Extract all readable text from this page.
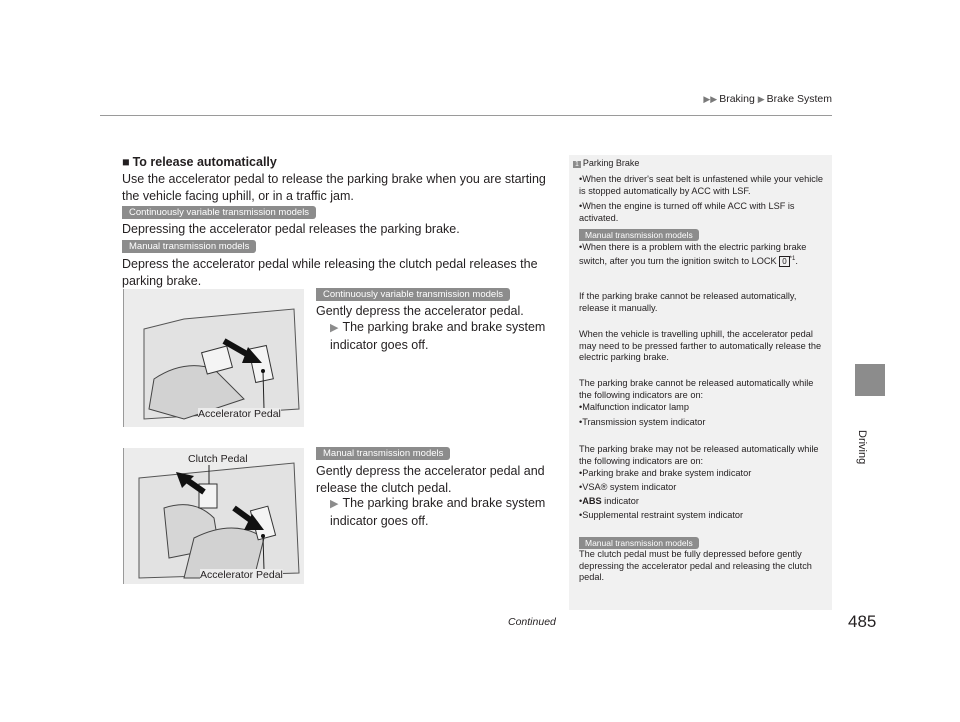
▶▶ Braking ▶ Brake System
Driving
■ To release automatically
Use the accelerator pedal to release the parking brake when you are starting the vehicle facing uphill, or in a traffic jam.
Continuously variable transmission models
Depressing the accelerator pedal releases the parking brake.
Manual transmission models
Depress the accelerator pedal while releasing the clutch pedal releases the parking brake.
Accelerator Pedal
Continuously variable transmission models
Gently depress the accelerator pedal.
▶ The parking brake and brake system indicator goes off.
Clutch Pedal
Accelerator Pedal
Manual transmission models
Gently depress the accelerator pedal and release the clutch pedal.
▶ The parking brake and brake system indicator goes off.
1 Parking Brake
•When the driver's seat belt is unfastened while your vehicle is stopped automatically by ACC with LSF.
•When the engine is turned off while ACC with LSF is activated.
Manual transmission models
•When there is a problem with the electric parking brake switch, after you turn the ignition switch to LOCK 0 $^{*1}$.
If the parking brake cannot be released automatically, release it manually.
When the vehicle is travelling uphill, the accelerator pedal may need to be pressed farther to automatically release the electric parking brake.
The parking brake cannot be released automatically while the following indicators are on:
•Malfunction indicator lamp
•Transmission system indicator
The parking brake may not be released automatically while the following indicators are on:
•Parking brake and brake system indicator
•VSA® system indicator
•ABS indicator
•Supplemental restraint system indicator
Manual transmission models
The clutch pedal must be fully depressed before gently depressing the accelerator pedal and releasing the clutch pedal.
Continued	485
